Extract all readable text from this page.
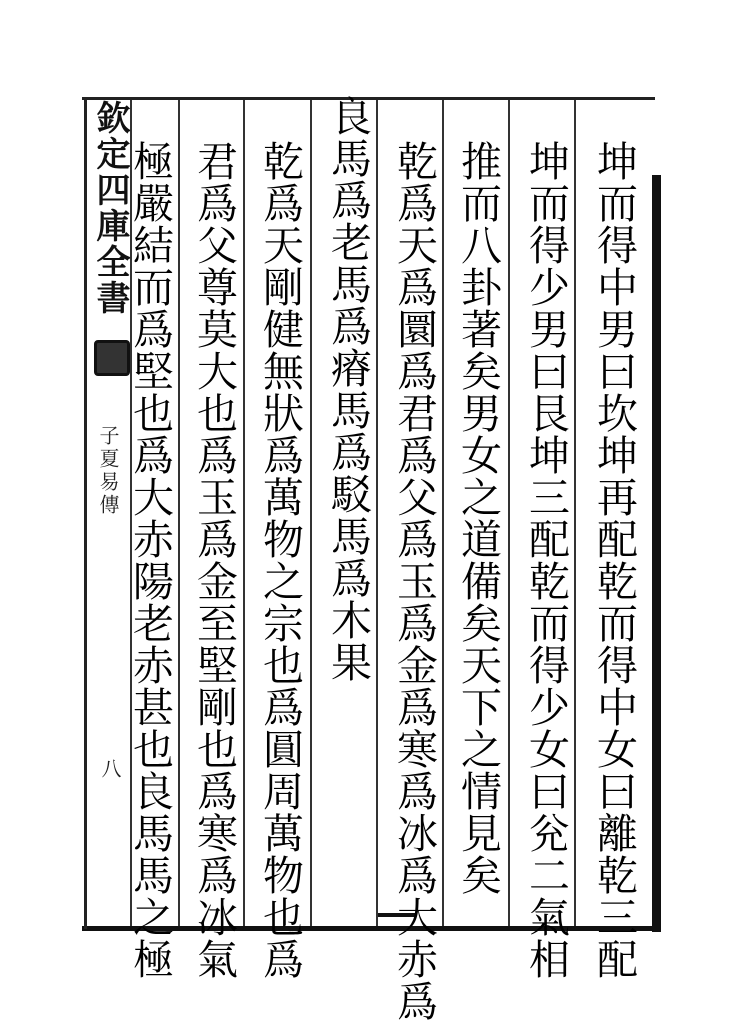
欽定四庫全書
子夏易傳
八	坤而得中男曰坎坤再配乾而得中女曰離乾三配
坤而得少男曰艮坤三配乾而得少女曰兊二氣相
推而八卦著矣男女之道備矣天下之情見矣
乾爲天爲圜爲君爲父爲玉爲金爲寒爲冰爲大赤爲
良馬爲老馬爲瘠馬爲駁馬爲木果
乾爲天剛健無狀爲萬物之宗也爲圓周萬物也爲
君爲父尊莫大也爲玉爲金至堅剛也爲寒爲冰氣
極嚴結而爲堅也爲大赤陽老赤甚也良馬馬之極
